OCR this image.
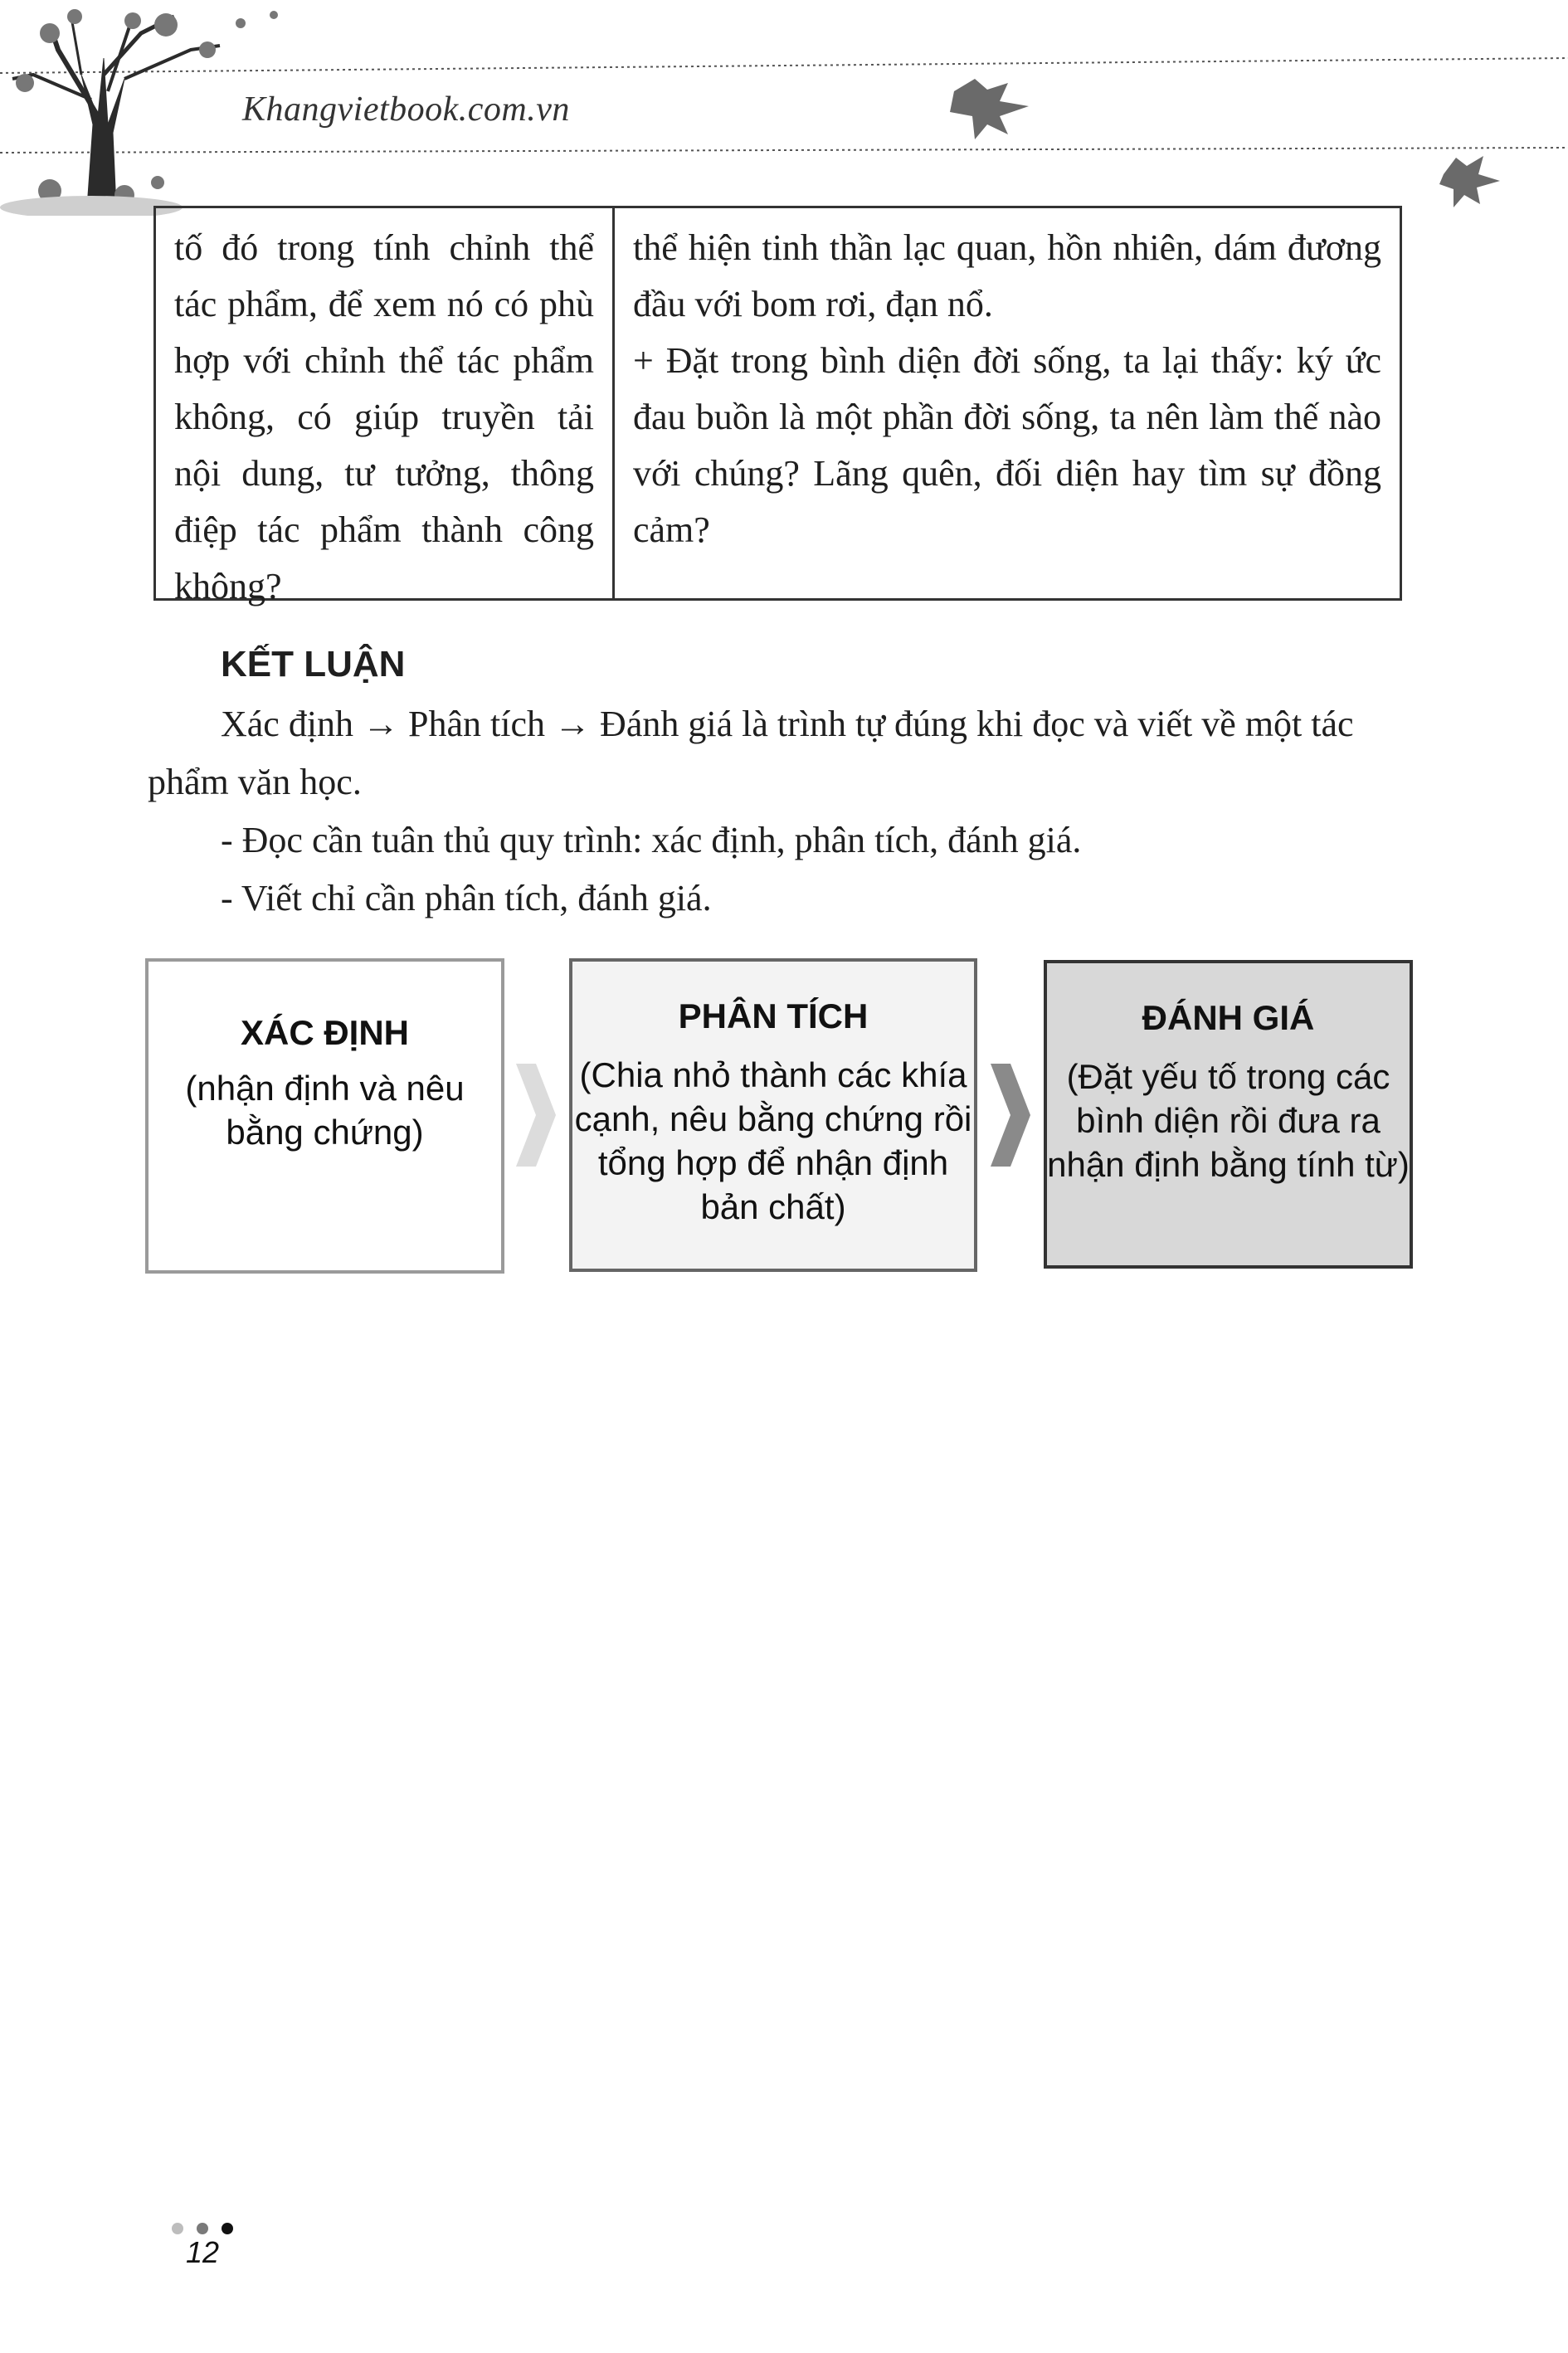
Khangvietbook.com.vn

tố đó trong tính chỉnh thể tác phẩm, để xem nó có phù hợp với chỉnh thể tác phẩm không, có giúp truyền tải nội dung, tư tưởng, thông điệp tác phẩm thành công không?

thể hiện tinh thần lạc quan, hồn nhiên, dám đương đầu với bom rơi, đạn nổ.

+ Đặt trong bình diện đời sống, ta lại thấy: ký ức đau buồn là một phần đời sống, ta nên làm thế nào với chúng? Lãng quên, đối diện hay tìm sự đồng cảm?

KẾT LUẬN

Xác định → Phân tích → Đánh giá là trình tự đúng khi đọc và viết về một tác phẩm văn học.

- Đọc cần tuân thủ quy trình: xác định, phân tích, đánh giá.

- Viết chỉ cần phân tích, đánh giá.

XÁC ĐỊNH
(nhận định và nêu bằng chứng)
PHÂN TÍCH
(Chia nhỏ thành các khía cạnh, nêu bằng chứng rồi tổng hợp để nhận định bản chất)
ĐÁNH GIÁ
(Đặt yếu tố trong các bình diện rồi đưa ra nhận định bằng tính từ)
12
